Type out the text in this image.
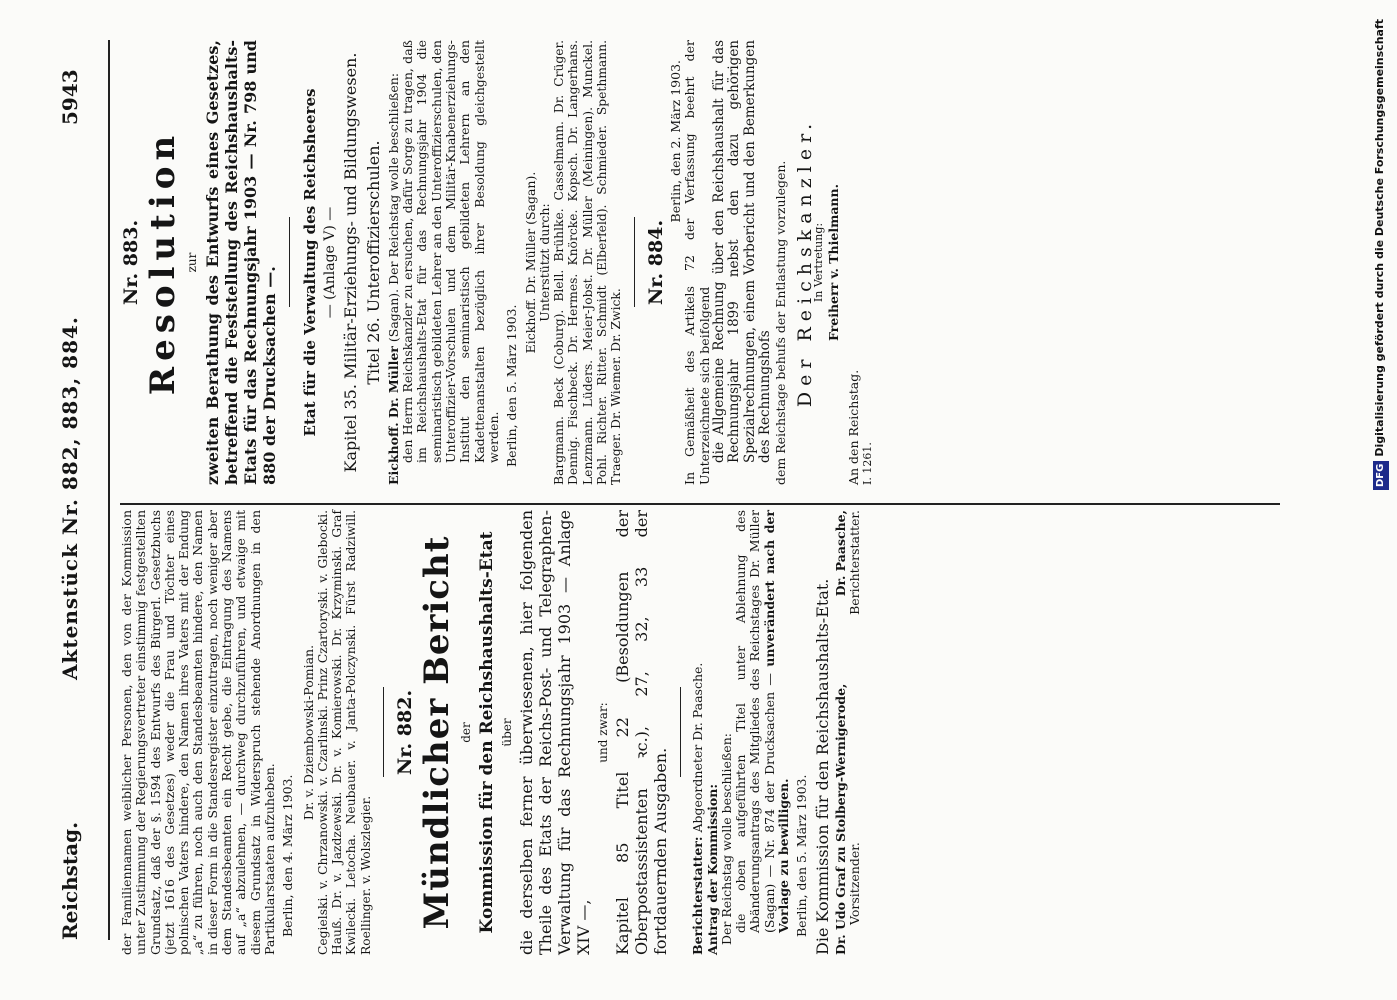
Reichstag.
Aktenstück Nr. 882, 883, 884.
5943

der Familiennamen weiblicher Personen, den von der Kommission unter Zustimmung der Regierungsvertreter einstimmig festgestellten Grundsatz, daß der §. 1594 des Entwurfs des Bürgerl. Gesetzbuchs (jetzt 1616 des Gesetzes) weder die Frau und Töchter eines polnischen Vaters hindere, den Namen ihres Vaters mit der Endung „a“ zu führen, noch auch den Standesbeamten hindere, den Namen in dieser Form in die Standesregister einzutragen, noch weniger aber dem Standesbeamten ein Recht gebe, die Eintragung des Namens auf „a“ abzulehnen, — durchweg durchzuführen, und etwaige mit diesem Grundsatz in Widerspruch stehende Anordnungen in den Partikularstaaten aufzuheben. Berlin, den 4. März 1903.
Dr. v. Dziembowski-Pomian. Cegielski. v. Chrzanowski. v. Czarlinski. Prinz Czartoryski. v. Glebocki. Hauß. Dr. v. Jazdzewski. Dr. v. Komierowski. Dr. Krzyminski. Graf Kwilecki. Letocha. Neubauer. v. Janta-Polczynski. Fürst Radziwill. Roellinger. v. Wolszlegier.
Nr. 882. Mündlicher Bericht der Kommission für den Reichshaushalts-Etat über die derselben ferner überwiesenen, hier folgenden Theile des Etats der Reichs-Post- und Telegraphen-Verwaltung für das Rechnungsjahr 1903 — Anlage XIV —,

und zwar: Kapitel 85 Titel 22 (Besoldungen der Oberpostassistenten ꝛc.), 27, 32, 33 der fortdauernden Ausgaben. Berichterstatter: Abgeordneter Dr. Paasche.

Antrag der Kommission: Der Reichstag wolle beschließen: die oben aufgeführten Titel unter Ablehnung des Abänderungsantrags des Mitgliedes des Reichstages Dr. Müller (Sagan) — Nr. 874 der Drucksachen — unverändert nach der Vorlage zu bewilligen. Berlin, den 5. März 1903. Die Kommission für den Reichshaushalts-Etat. Dr. Udo Graf zu Stolberg-Wernigerode, Vorsitzender.
Dr. Paasche, Berichterstatter.
Nr. 883. Resolution zur zweiten Berathung des Entwurfs eines Gesetzes, betreffend die Feststellung des Reichshaushalts-Etats für das Rechnungsjahr 1903 — Nr. 798 und 880 der Drucksachen —. Etat für die Verwaltung des Reichsheeres — (Anlage V) — Kapitel 35. Militär-Erziehungs- und Bildungswesen. Titel 26. Unteroffizierschulen.

Eickhoff. Dr. Müller (Sagan). Der Reichstag wolle beschließen: den Herrn Reichskanzler zu ersuchen, dafür Sorge zu tragen, daß im Reichshaushalts-Etat für das Rechnungsjahr 1904 die seminaristisch gebildeten Lehrer an den Unteroffizierschulen, den Unteroffizier-Vorschulen und dem Militär-Knabenerziehungs-Institut den seminaristisch gebildeten Lehrern an den Kadettenanstalten bezüglich ihrer Besoldung gleichgestellt werden. Berlin, den 5. März 1903.
Eickhoff. Dr. Müller (Sagan). Unterstützt durch: Bargmann. Beck (Coburg). Blell. Brühlke. Casselmann. Dr. Crüger. Dennig. Fischbeck. Dr. Hermes. Knörcke. Kopsch. Dr. Langerhans. Lenzmann. Lüders. Meier-Jobst. Dr. Müller (Meiningen). Munckel. Pohl. Richter. Ritter. Schmidt (Elberfeld). Schmieder. Spethmann. Traeger. Dr. Wiemer. Dr. Zwick.
Nr. 884.
Berlin, den 2. März 1903. In Gemäßheit des Artikels 72 der Verfassung beehrt der Unterzeichnete sich beifolgend die Allgemeine Rechnung über den Reichshaushalt für das Rechnungsjahr 1899 nebst den dazu gehörigen Spezialrechnungen, einem Vorbericht und den Bemerkungen des Rechnungshofs dem Reichstage behufs der Entlastung vorzulegen. Der Reichskanzler.
In Vertretung: Freiherr v. Thielmann.
An den Reichstag. I. 1261.	DFGDigitalisierung gefördert durch die Deutsche Forschungsgemeinschaft
